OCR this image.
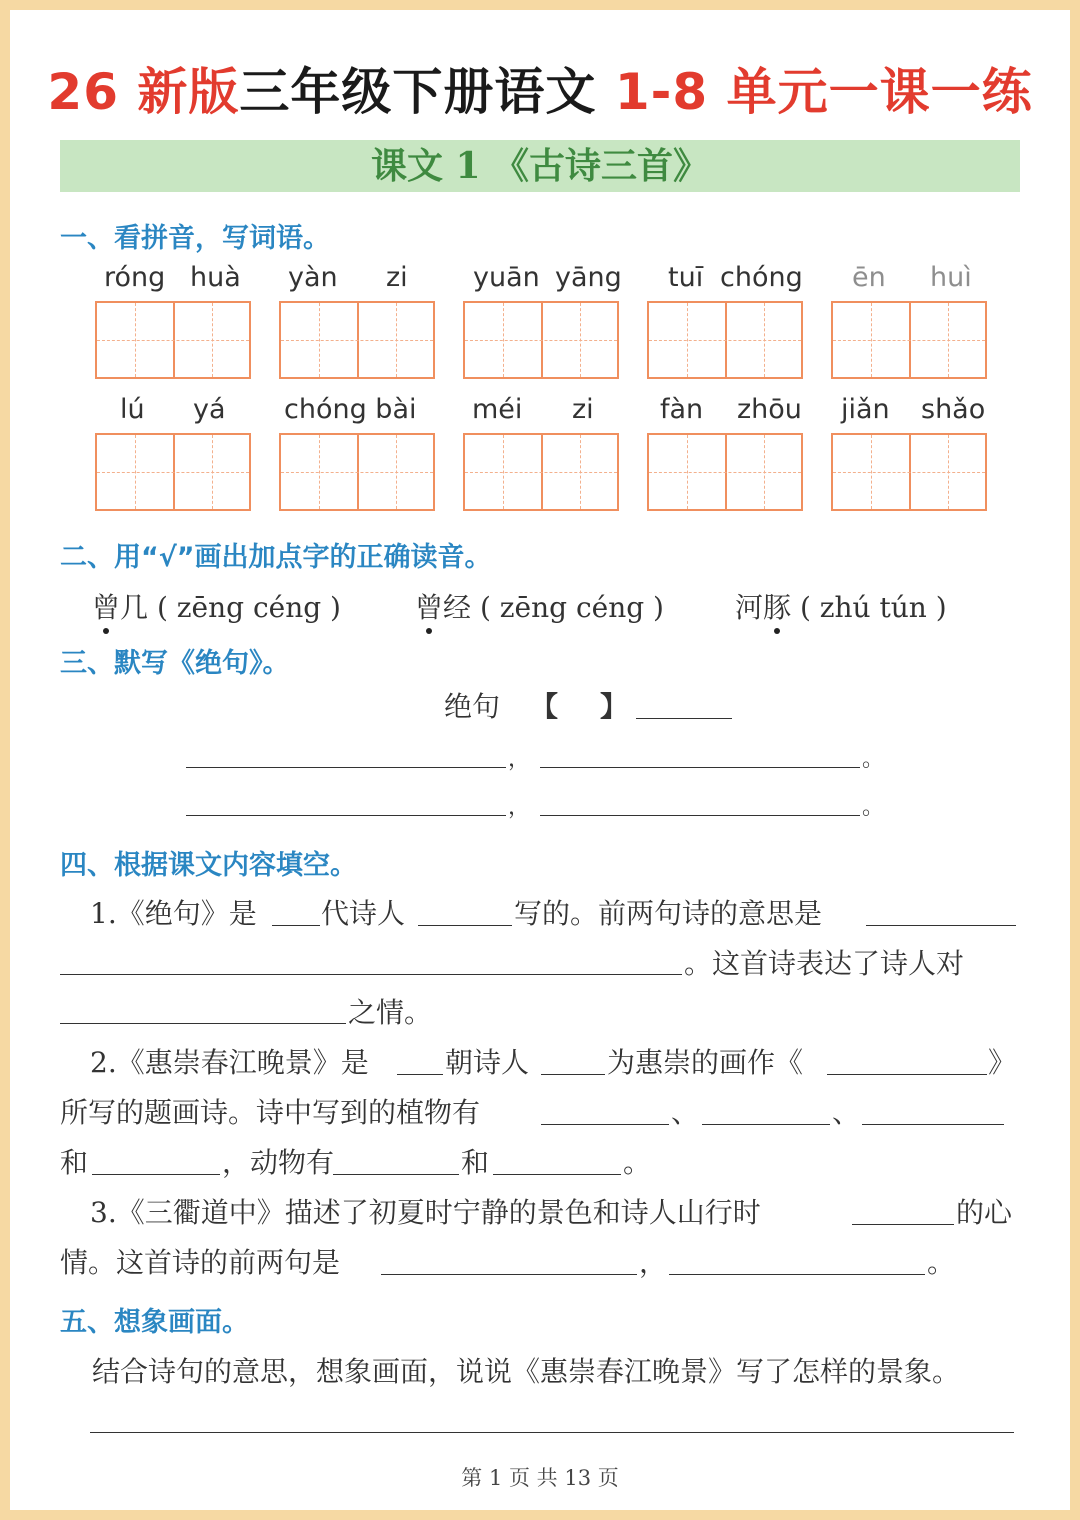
26 新版三年级下册语文 1-8 单元一课一练
课文 1 《古诗三首》
一、看拼音，写词语。
róng huà yàn zi yuān yāng tuī chóng ēn huì
lú yá chóng bài méi zi fàn zhōu jiǎn shǎo
二、用“√”画出加点字的正确读音。
曾几 ( zēng céng )	曾经 ( zēng céng )	河豚 ( zhú tún )
三、默写《绝句》。
绝句 【 】
，	。
，	。
四、根据课文内容填空。
1.《绝句》是 代诗人	写的。前两句诗的意思是
。这首诗表达了诗人对
之情。
2.《惠崇春江晚景》是	朝诗人	为惠崇的画作《	》
所写的题画诗。诗中写到的植物有	、	、
和	，动物有	和	。
3.《三衢道中》描述了初夏时宁静的景色和诗人山行时	的心
情。这首诗的前两句是	，	。
五、想象画面。
结合诗句的意思，想象画面，说说《惠崇春江晚景》写了怎样的景象。
第 1 页 共 13 页
